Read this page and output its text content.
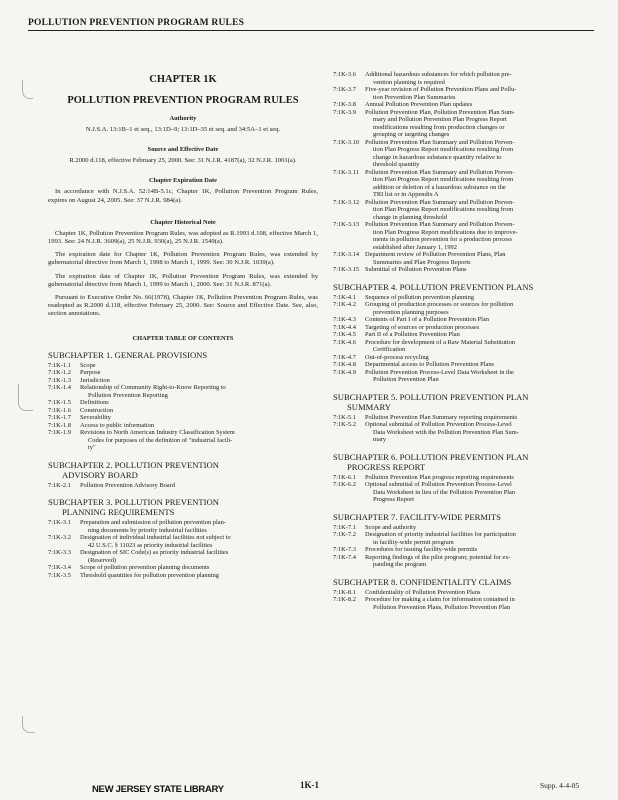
POLLUTION PREVENTION PROGRAM RULES
CHAPTER 1K
POLLUTION PREVENTION PROGRAM RULES
Authority
N.J.S.A. 13:1B–1 et seq., 13:1D–9; 13:1D–35 et seq. and 34:5A–1 et seq.
Source and Effective Date
R.2000 d.118, effective February 25, 2000. See: 31 N.J.R. 4187(a), 32 N.J.R. 1001(a).
Chapter Expiration Date
In accordance with N.J.S.A. 52:14B-5.1c, Chapter 1K, Pollution Prevention Program Rules, expires on August 24, 2005. See: 37 N.J.R. 984(a).
Chapter Historical Note
Chapter 1K, Pollution Prevention Program Rules, was adopted as R.1993 d.108, effective March 1, 1993. See: 24 N.J.R. 3609(a), 25 N.J.R. 930(a), 25 N.J.R. 1549(a).
The expiration date for Chapter 1K, Pollution Prevention Program Rules, was extended by gubernatorial directive from March 1, 1998 to March 1, 1999. See: 30 N.J.R. 1039(a).
The expiration date of Chapter 1K, Pollution Prevention Program Rules, was extended by gubernatorial directive from March 1, 1999 to March 1, 2000. See: 31 N.J.R. 871(a).
Pursuant to Executive Order No. 66(1978), Chapter 1K, Pollution Prevention Program Rules, was readopted as R.2000 d.118, effective February 25, 2000. See: Source and Effective Date. See, also, section annotations.
CHAPTER TABLE OF CONTENTS
SUBCHAPTER 1. GENERAL PROVISIONS
7:1K-1.1	Scope
7:1K-1.2	Purpose
7:1K-1.3	Jurisdiction
7:1K-1.4	Relationship of Community Right-to-Know Reporting to
Pollution Prevention Reporting
7:1K-1.5	Definitions
7:1K-1.6	Construction
7:1K-1.7	Severability
7:1K-1.8	Access to public information
7:1K-1.9	Revisions to North American Industry Classification System
Codes for purposes of the definition of "industrial facili-
ty"
SUBCHAPTER 2. POLLUTION PREVENTION
ADVISORY BOARD
7:1K-2.1	Pollution Prevention Advisory Board
SUBCHAPTER 3. POLLUTION PREVENTION
PLANNING REQUIREMENTS
7:1K-3.1	Preparation and submission of pollution prevention plan-
ning documents by priority industrial facilities
7:1K-3.2	Designation of individual industrial facilities not subject to
42 U.S.C. § 11023 as priority industrial facilities
7:1K-3.3	Designation of SIC Code(s) as priority industrial facilities
(Reserved)
7:1K-3.4	Scope of pollution prevention planning documents
7:1K-3.5	Threshold quantities for pollution prevention planning
7:1K-3.6	Additional hazardous substances for which pollution pre-
vention planning is required
7:1K-3.7	Five-year revision of Pollution Prevention Plans and Pollu-
tion Prevention Plan Summaries
7:1K-3.8	Annual Pollution Prevention Plan updates
7:1K-3.9	Pollution Prevention Plan, Pollution Prevention Plan Sum-
mary and Pollution Prevention Plan Progress Report
modifications resulting from production changes or
grouping or targeting changes
7:1K-3.10 Pollution Prevention Plan Summary and Pollution Preven-
tion Plan Progress Report modifications resulting from
change in hazardous substance quantity relative to
threshold quantity
7:1K-3.11 Pollution Prevention Plan Summary and Pollution Preven-
tion Plan Progress Report modifications resulting from
addition or deletion of a hazardous substance on the
TRI list or in Appendix A
7:1K-3.12 Pollution Prevention Plan Summary and Pollution Preven-
tion Plan Progress Report modifications resulting from
change in planning threshold
7:1K-3.13 Pollution Prevention Plan Summary and Pollution Preven-
tion Plan Progress Report modifications due to improve-
ments in pollution prevention for a production process
established after January 1, 1992
7:1K-3.14 Department review of Pollution Prevention Plans, Plan
Summaries and Plan Progress Reports
7:1K-3.15 Submittal of Pollution Prevention Plans
SUBCHAPTER 4. POLLUTION PREVENTION PLANS
7:1K-4.1	Sequence of pollution prevention planning
7:1K-4.2	Grouping of production processes or sources for pollution
prevention planning purposes
7:1K-4.3	Contents of Part I of a Pollution Prevention Plan
7:1K-4.4	Targeting of sources or production processes
7:1K-4.5	Part II of a Pollution Prevention Plan
7:1K-4.6	Procedure for development of a Raw Material Substitution
Certification
7:1K-4.7	Out-of-process recycling
7:1K-4.8	Departmental access to Pollution Prevention Plans
7:1K-4.9	Pollution Prevention Process-Level Data Worksheet in the
Pollution Prevention Plan
SUBCHAPTER 5. POLLUTION PREVENTION PLAN
SUMMARY
7:1K-5.1	Pollution Prevention Plan Summary reporting requirements
7:1K-5.2	Optional submittal of Pollution Prevention Process-Level
Data Worksheet with the Pollution Prevention Plan Sum-
mary
SUBCHAPTER 6. POLLUTION PREVENTION PLAN
PROGRESS REPORT
7:1K-6.1	Pollution Prevention Plan progress reporting requirements
7:1K-6.2	Optional submittal of Pollution Prevention Process-Level
Data Worksheet in lieu of the Pollution Prevention Plan
Progress Report
SUBCHAPTER 7. FACILITY-WIDE PERMITS
7:1K-7.1	Scope and authority
7:1K-7.2	Designation of priority industrial facilities for participation
in facility-wide permit program
7:1K-7.3	Procedures for issuing facility-wide permits
7:1K-7.4	Reporting findings of the pilot program; potential for ex-
panding the program
SUBCHAPTER 8. CONFIDENTIALITY CLAIMS
7:1K-8.1	Confidentiality of Pollution Prevention Plans
7:1K-8.2	Procedure for making a claim for information contained in
Pollution Prevention Plans, Pollution Prevention Plan
NEW JERSEY STATE LIBRARY	1K-1	Supp. 4-4-05
